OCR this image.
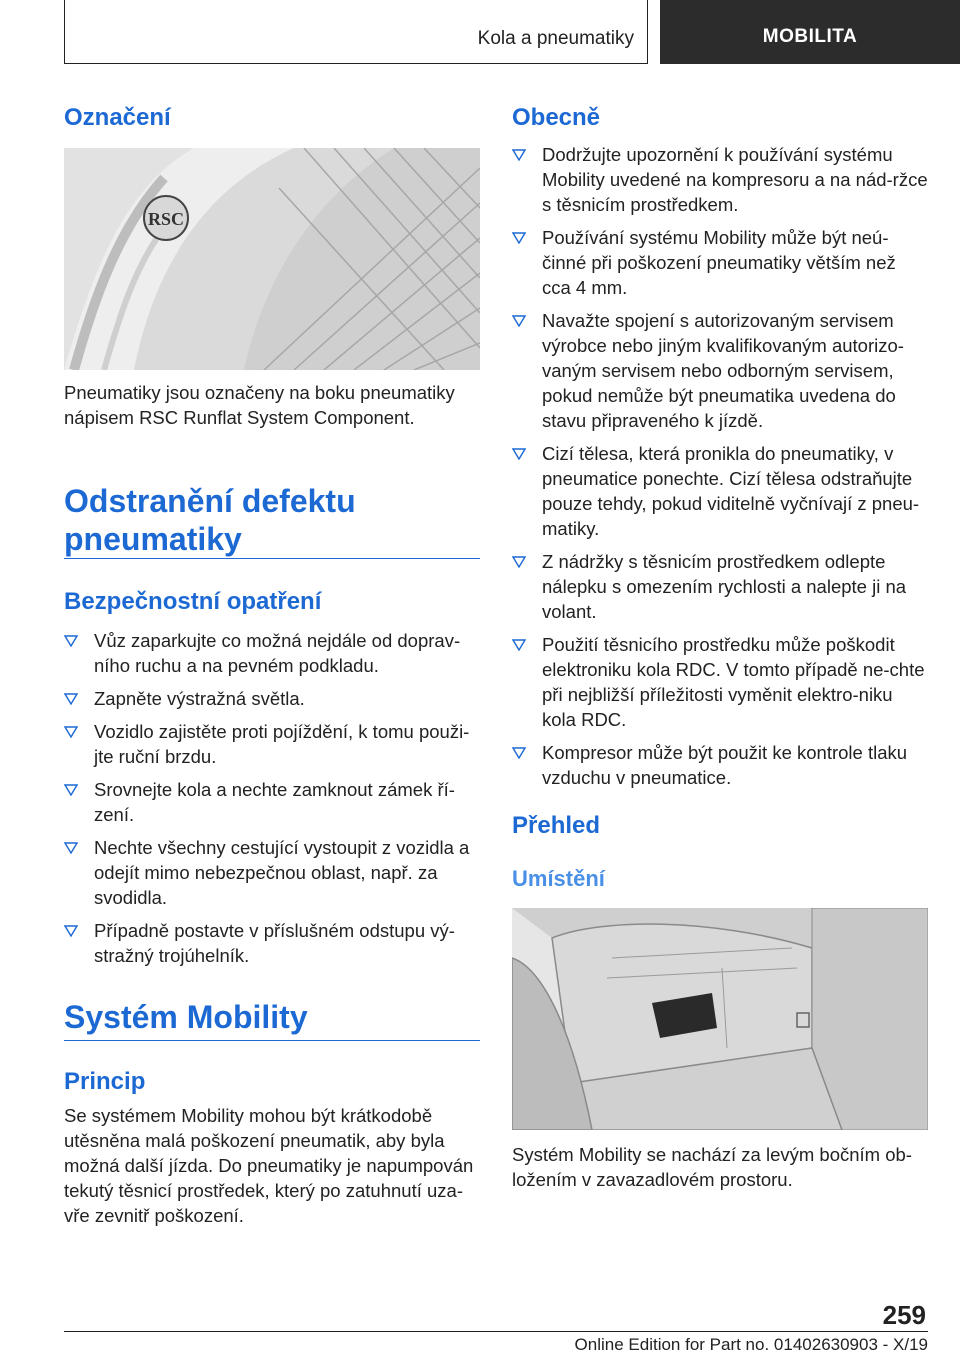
Kola a pneumatiky	MOBILITA
Označení
RSC

Pneumatiky jsou označeny na boku pneumatiky nápisem RSC Runflat System Component.

Odstranění defektu
pneumatiky
Bezpečnostní opatření
Vůz zaparkujte co možná nejdále od doprav-ního ruchu a na pevném podkladu.
Zapněte výstražná světla.
Vozidlo zajistěte proti pojíždění, k tomu použi-jte ruční brzdu.
Srovnejte kola a nechte zamknout zámek ří-zení.
Nechte všechny cestující vystoupit z vozidla a odejít mimo nebezpečnou oblast, např. za svodidla.
Případně postavte v příslušném odstupu vý-stražný trojúhelník.
Systém Mobility
Princip

Se systémem Mobility mohou být krátkodobě utěsněna malá poškození pneumatik, aby byla možná další jízda. Do pneumatiky je napumpován tekutý těsnicí prostředek, který po zatuhnutí uza-vře zevnitř poškození.

Obecně
Dodržujte upozornění k používání systému Mobility uvedené na kompresoru a na nád-ržce s těsnicím prostředkem.
Používání systému Mobility může být neú-činné při poškození pneumatiky větším než cca 4 mm.
Navažte spojení s autorizovaným servisem výrobce nebo jiným kvalifikovaným autorizo-vaným servisem nebo odborným servisem, pokud nemůže být pneumatika uvedena do stavu připraveného k jízdě.
Cizí tělesa, která pronikla do pneumatiky, v pneumatice ponechte. Cizí tělesa odstraňujte pouze tehdy, pokud viditelně vyčnívají z pneu-matiky.
Z nádržky s těsnicím prostředkem odlepte nálepku s omezením rychlosti a nalepte ji na volant.
Použití těsnicího prostředku může poškodit elektroniku kola RDC. V tomto případě ne-chte při nejbližší příležitosti vyměnit elektro-niku kola RDC.
Kompresor může být použit ke kontrole tlaku vzduchu v pneumatice.
Přehled
Umístění

Systém Mobility se nachází za levým bočním ob-ložením v zavazadlovém prostoru.

259
Online Edition for Part no. 01402630903 - X/19
